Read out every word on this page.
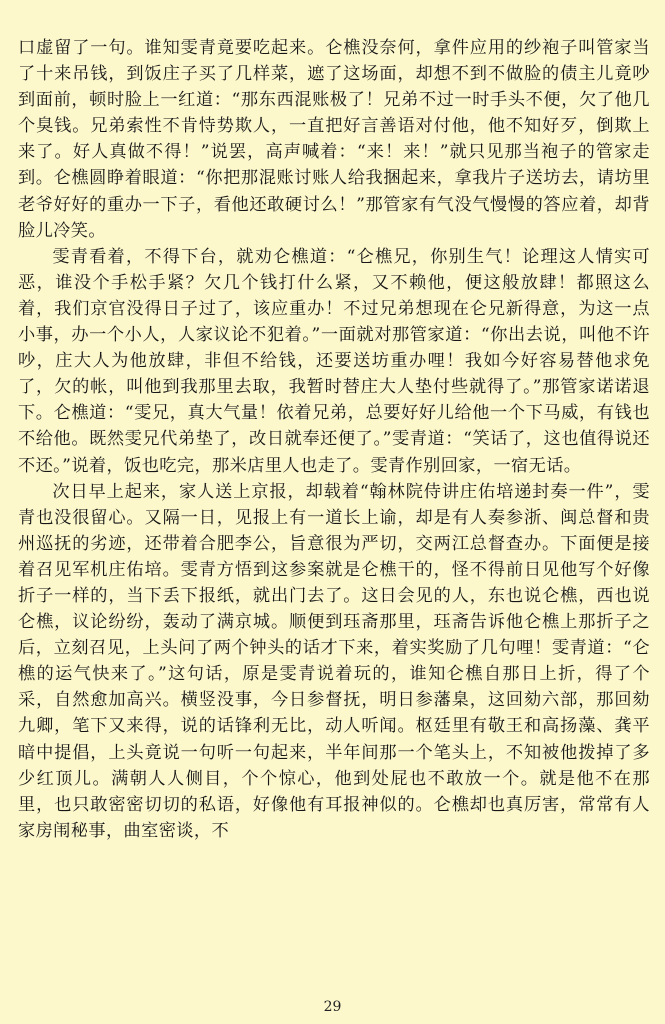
口虚留了一句。谁知雯青竟要吃起来。仑樵没奈何，拿件应用的纱袍子叫管家当了十来吊钱，到饭庄子买了几样菜，遮了这场面，却想不到不做脸的债主儿竟吵到面前，顿时脸上一红道：“那东西混账极了！兄弟不过一时手头不便，欠了他几个臭钱。兄弟索性不肯恃势欺人，一直把好言善语对付他，他不知好歹，倒欺上来了。好人真做不得！”说罢，高声喊着：“来！来！”就只见那当袍子的管家走到。仑樵圆睁着眼道：“你把那混账讨账人给我捆起来，拿我片子送坊去，请坊里老爷好好的重办一下子，看他还敢硬讨么！”那管家有气没气慢慢的答应着，却背脸儿冷笑。

雯青看着，不得下台，就劝仑樵道：“仑樵兄，你别生气！论理这人情实可恶，谁没个手松手紧？欠几个钱打什么紧，又不赖他，便这般放肆！都照这么着，我们京官没得日子过了，该应重办！不过兄弟想现在仑兄新得意，为这一点小事，办一个小人，人家议论不犯着。”一面就对那管家道：“你出去说，叫他不许吵，庄大人为他放肆，非但不给钱，还要送坊重办哩！我如今好容易替他求免了，欠的帐，叫他到我那里去取，我暂时替庄大人垫付些就得了。”那管家诺诺退下。仑樵道：“雯兄，真大气量！依着兄弟，总要好好儿给他一个下马威，有钱也不给他。既然雯兄代弟垫了，改日就奉还便了。”雯青道：“笑话了，这也值得说还不还。”说着，饭也吃完，那米店里人也走了。雯青作别回家，一宿无话。

次日早上起来，家人送上京报，却载着“翰林院侍讲庄佑培递封奏一件”，雯青也没很留心。又隔一日，见报上有一道长上谕，却是有人奏参浙、闽总督和贵州巡抚的劣迹，还带着合肥李公，旨意很为严切，交两江总督查办。下面便是接着召见军机庄佑培。雯青方悟到这参案就是仑樵干的，怪不得前日见他写个好像折子一样的，当下丢下报纸，就出门去了。这日会见的人，东也说仑樵，西也说仑樵，议论纷纷，轰动了满京城。顺便到珏斋那里，珏斋告诉他仑樵上那折子之后，立刻召见，上头问了两个钟头的话才下来，着实奖励了几句哩！雯青道：“仑樵的运气快来了。”这句话，原是雯青说着玩的，谁知仑樵自那日上折，得了个采，自然愈加高兴。横竖没事，今日参督抚，明日参藩臬，这回劾六部，那回劾九卿，笔下又来得，说的话锋利无比，动人听闻。枢廷里有敬王和高扬藻、龚平暗中提倡，上头竟说一句听一句起来，半年间那一个笔头上，不知被他拨掉了多少红顶儿。满朝人人侧目，个个惊心，他到处屁也不敢放一个。就是他不在那里，也只敢密密切切的私语，好像他有耳报神似的。仑樵却也真厉害，常常有人家房闱秘事，曲室密谈，不

29
